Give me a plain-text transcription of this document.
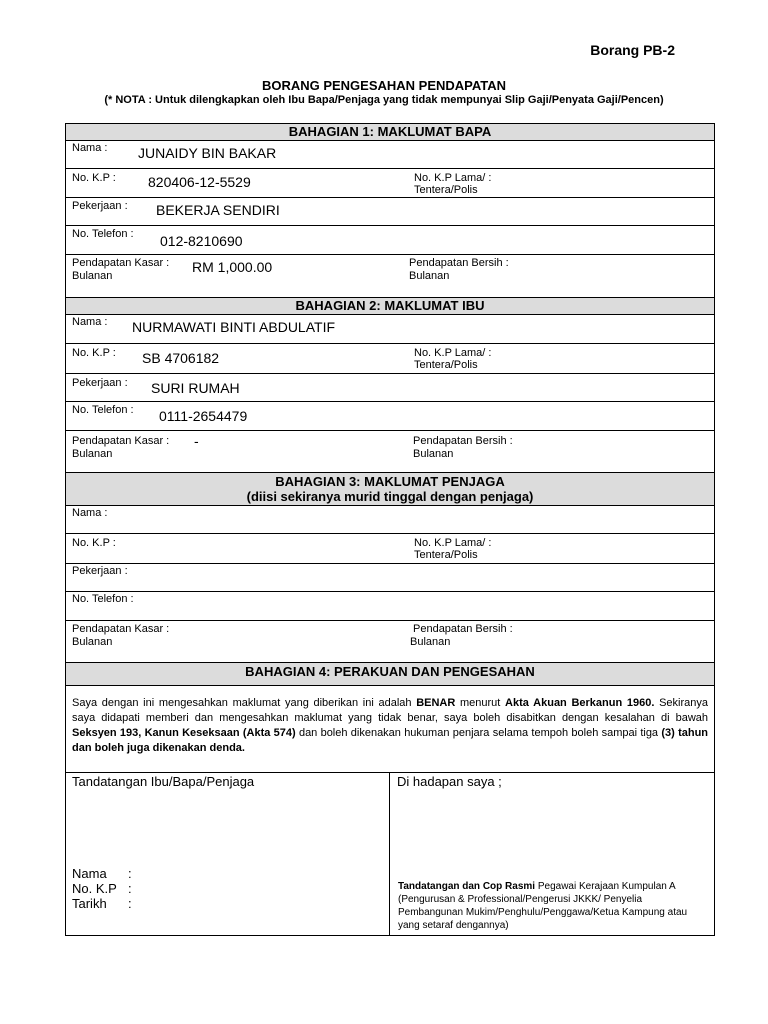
Borang PB-2
BORANG PENGESAHAN PENDAPATAN
(* NOTA : Untuk dilengkapkan oleh Ibu Bapa/Penjaga yang tidak mempunyai Slip Gaji/Penyata Gaji/Pencen)
BAHAGIAN 1: MAKLUMAT BAPA
Nama : JUNAIDY BIN BAKAR
No. K.P : 820406-12-5529	No. K.P Lama/ :
Tentera/Polis
Pekerjaan : BEKERJA SENDIRI
No. Telefon : 012-8210690
Pendapatan Kasar :
Bulanan
RM 1,000.00	Pendapatan Bersih :
Bulanan
BAHAGIAN 2: MAKLUMAT IBU
Nama : NURMAWATI BINTI ABDULATIF
No. K.P : SB 4706182	No. K.P Lama/ :
Tentera/Polis
Pekerjaan : SURI RUMAH
No. Telefon : 0111-2654479
Pendapatan Kasar :
Bulanan
-	Pendapatan Bersih :
Bulanan
BAHAGIAN 3: MAKLUMAT PENJAGA
(diisi sekiranya murid tinggal dengan penjaga)
Nama :
No. K.P :	No. K.P Lama/ :
Tentera/Polis
Pekerjaan :
No. Telefon :
Pendapatan Kasar :
Bulanan
Pendapatan Bersih :
Bulanan
BAHAGIAN 4: PERAKUAN DAN PENGESAHAN
Saya dengan ini mengesahkan maklumat yang diberikan ini adalah BENAR menurut Akta Akuan Berkanun 1960. Sekiranya saya didapati memberi dan mengesahkan maklumat yang tidak benar, saya boleh disabitkan dengan kesalahan di bawah Seksyen 193, Kanun Keseksaan (Akta 574) dan boleh dikenakan hukuman penjara selama tempoh boleh sampai tiga (3) tahun dan boleh juga dikenakan denda.
Tandatangan Ibu/Bapa/Penjaga
Nama :
No. K.P :
Tarikh :
Di hadapan saya ;
Tandatangan dan Cop Rasmi Pegawai Kerajaan Kumpulan A (Pengurusan & Professional/Pengerusi JKKK/ Penyelia Pembangunan Mukim/Penghulu/Penggawa/Ketua Kampung atau yang setaraf dengannya)
